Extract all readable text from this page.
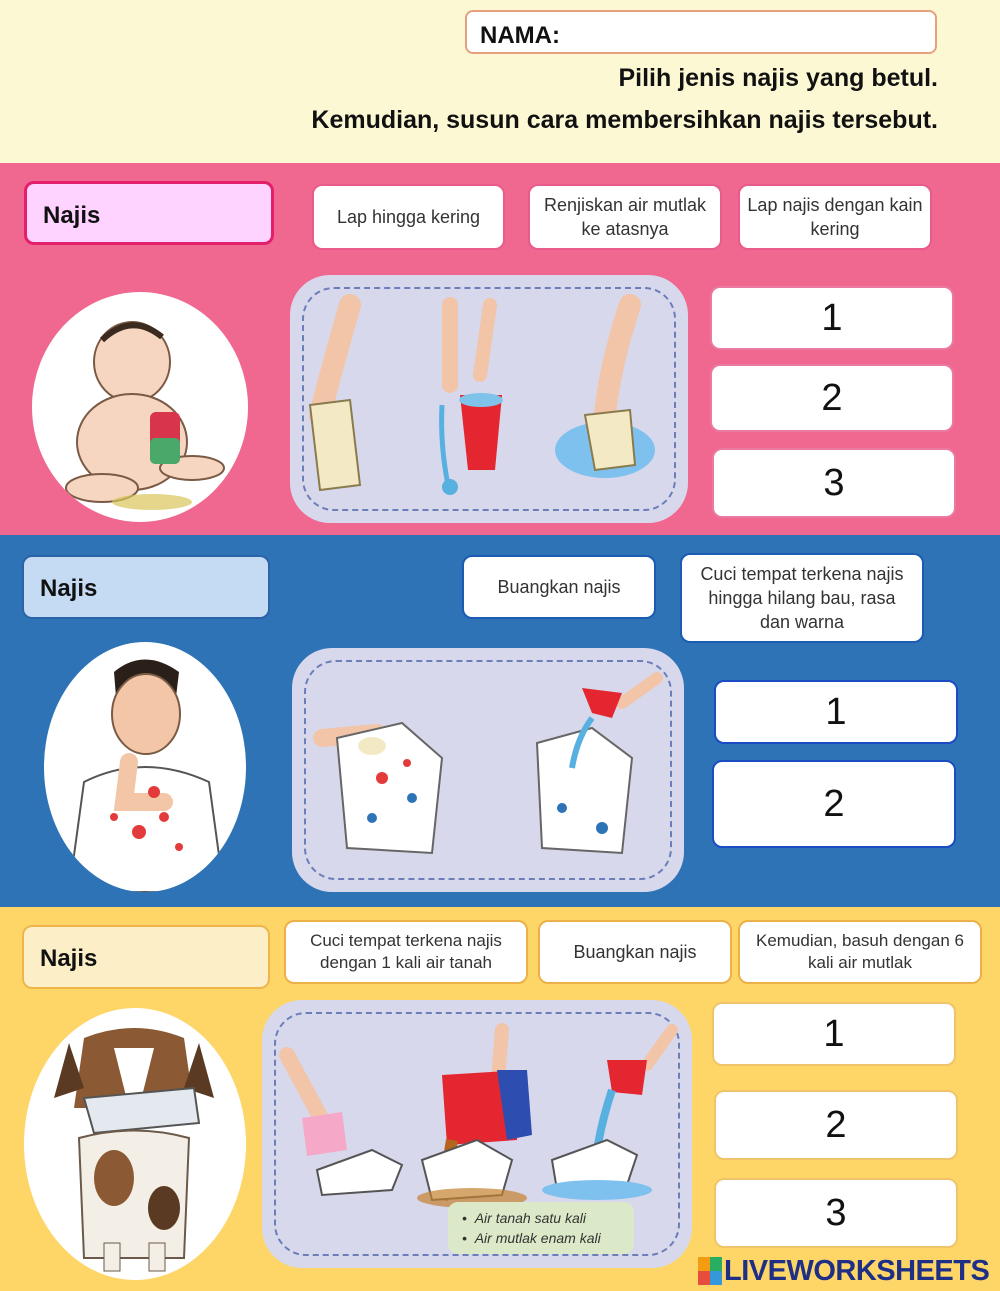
NAMA:
Pilih jenis najis yang betul.
Kemudian, susun cara membersihkan najis tersebut.
Najis	Lap hingga kering
Renjiskan air mutlak ke atasnya
Lap najis dengan kain kering
1
2
3
Najis	Buangkan najis
Cuci tempat terkena najis hingga hilang bau, rasa dan warna
1
2
Najis
Cuci tempat terkena najis dengan 1 kali air tanah
Buangkan najis
Kemudian, basuh dengan 6 kali air mutlak
•  Air tanah satu kali
•  Air mutlak enam kali
1
2
3
LIVEWORKSHEETS
